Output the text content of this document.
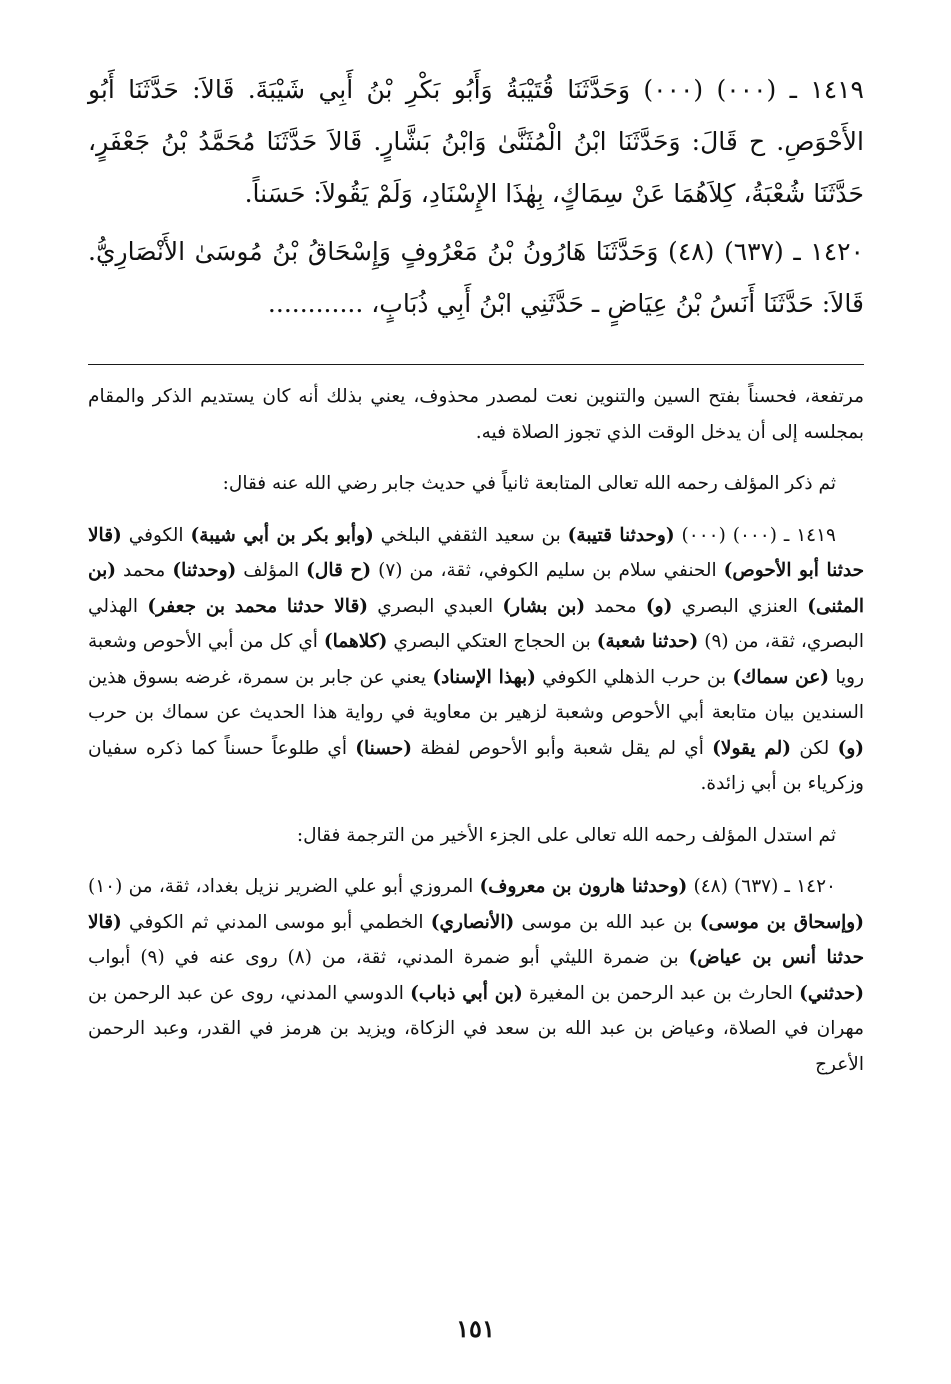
١٤١٩ ـ (٠٠٠) (٠٠٠) وَحَدَّثَنَا قُتَيْبَةُ وَأَبُو بَكْرِ بْنُ أَبِي شَيْبَةَ. قَالاَ: حَدَّثَنَا أَبُو الأَحْوَصِ. ح قَالَ: وَحَدَّثَنَا ابْنُ الْمُثَنَّىٰ وَابْنُ بَشَّارٍ. قَالاَ حَدَّثَنَا مُحَمَّدُ بْنُ جَعْفَرٍ، حَدَّثَنَا شُعْبَةُ، كِلاَهُمَا عَنْ سِمَاكٍ، بِهٰذَا الإِسْنَادِ، وَلَمْ يَقُولاَ: حَسَناً.

١٤٢٠ ـ (٦٣٧) (٤٨) وَحَدَّثَنَا هَارُونُ بْنُ مَعْرُوفٍ وَإِسْحَاقُ بْنُ مُوسَىٰ الأَنْصَارِيُّ. قَالاَ: حَدَّثَنَا أَنَسُ بْنُ عِيَاضٍ ـ حَدَّثَنِي ابْنُ أَبِي ذُبَابٍ، ............

مرتفعة، فحسناً بفتح السين والتنوين نعت لمصدر محذوف، يعني بذلك أنه كان يستديم الذكر والمقام بمجلسه إلى أن يدخل الوقت الذي تجوز الصلاة فيه.

ثم ذكر المؤلف رحمه الله تعالى المتابعة ثانياً في حديث جابر رضي الله عنه فقال:

١٤١٩ ـ (٠٠٠) (٠٠٠) (وحدثنا قتيبة) بن سعيد الثقفي البلخي (وأبو بكر بن أبي شيبة) الكوفي (قالا حدثنا أبو الأحوص) الحنفي سلام بن سليم الكوفي، ثقة، من (٧) (ح قال) المؤلف (وحدثنا) محمد (بن المثنى) العنزي البصري (و) محمد (بن بشار) العبدي البصري (قالا حدثنا محمد بن جعفر) الهذلي البصري، ثقة، من (٩) (حدثنا شعبة) بن الحجاج العتكي البصري (كلاهما) أي كل من أبي الأحوص وشعبة رويا (عن سماك) بن حرب الذهلي الكوفي (بهذا الإسناد) يعني عن جابر بن سمرة، غرضه بسوق هذين السندين بيان متابعة أبي الأحوص وشعبة لزهير بن معاوية في رواية هذا الحديث عن سماك بن حرب (و) لكن (لم يقولا) أي لم يقل شعبة وأبو الأحوص لفظة (حسنا) أي طلوعاً حسناً كما ذكره سفيان وزكرياء بن أبي زائدة.

ثم استدل المؤلف رحمه الله تعالى على الجزء الأخير من الترجمة فقال:

١٤٢٠ ـ (٦٣٧) (٤٨) (وحدثنا هارون بن معروف) المروزي أبو علي الضرير نزيل بغداد، ثقة، من (١٠) (وإسحاق بن موسى) بن عبد الله بن موسى (الأنصاري) الخطمي أبو موسى المدني ثم الكوفي (قالا حدثنا أنس بن عياض) بن ضمرة الليثي أبو ضمرة المدني، ثقة، من (٨) روى عنه في (٩) أبواب (حدثني) الحارث بن عبد الرحمن بن المغيرة (بن أبي ذباب) الدوسي المدني، روى عن عبد الرحمن بن مهران في الصلاة، وعياض بن عبد الله بن سعد في الزكاة، ويزيد بن هرمز في القدر، وعبد الرحمن الأعرج

١٥١
